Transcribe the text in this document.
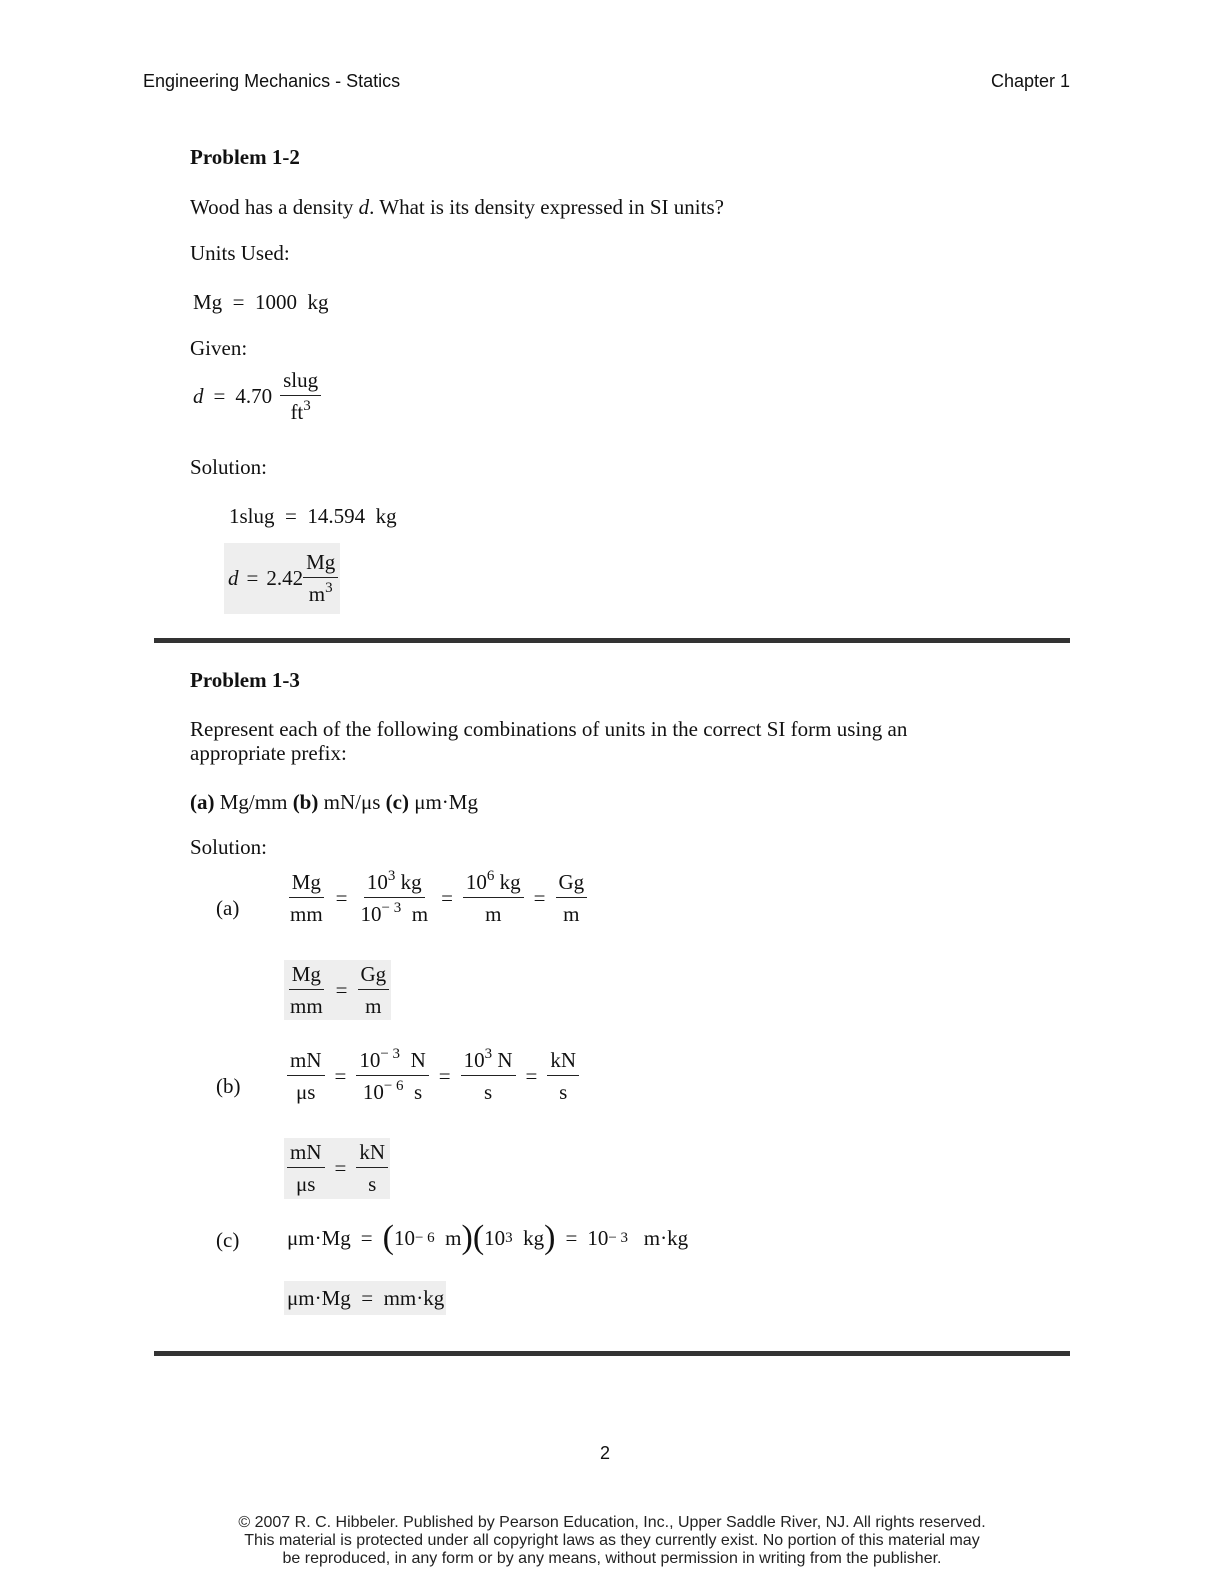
Engineering Mechanics - Statics	Chapter 1
Problem 1-2
Wood has a density d. What is its density expressed in SI units?
Units Used:
Mg  =  1000  kg
Given:
$d = 4.70 \frac{\text{slug}}{ft^3}$
Solution:
1slug  =  14.594  kg
$d = 2.42 \frac{Mg}{m^3}$
Problem 1-3
Represent each of the following combinations of units in the correct SI form using an
appropriate prefix:
(a) Mg/mm (b) mN/μs (c) μm·Mg
Solution:
$(a) \frac{Mg}{mm} = \frac{10^3 kg}{10^{- 3} m} = \frac{10^6 kg}{m} = \frac{Gg}{m}$
$\frac{Mg}{mm} = \frac{Gg}{m}$
$(b) \frac{mN}{\mu s} = \frac{10^{- 3} N}{10^{- 6} s} = \frac{10^3 N}{s} = \frac{kN}{s}$
$\frac{mN}{\mu s} = \frac{kN}{s}$
(c) μm·Mg = ( 10 − 6
m )( 10 3
kg ) = 10 − 3
m·kg
μm·Mg  =  mm·kg
2
© 2007 R. C. Hibbeler. Published by Pearson Education, Inc., Upper Saddle River, NJ. All rights reserved.
This material is protected under all copyright laws as they currently exist. No portion of this material may
be reproduced, in any form or by any means, without permission in writing from the publisher.
